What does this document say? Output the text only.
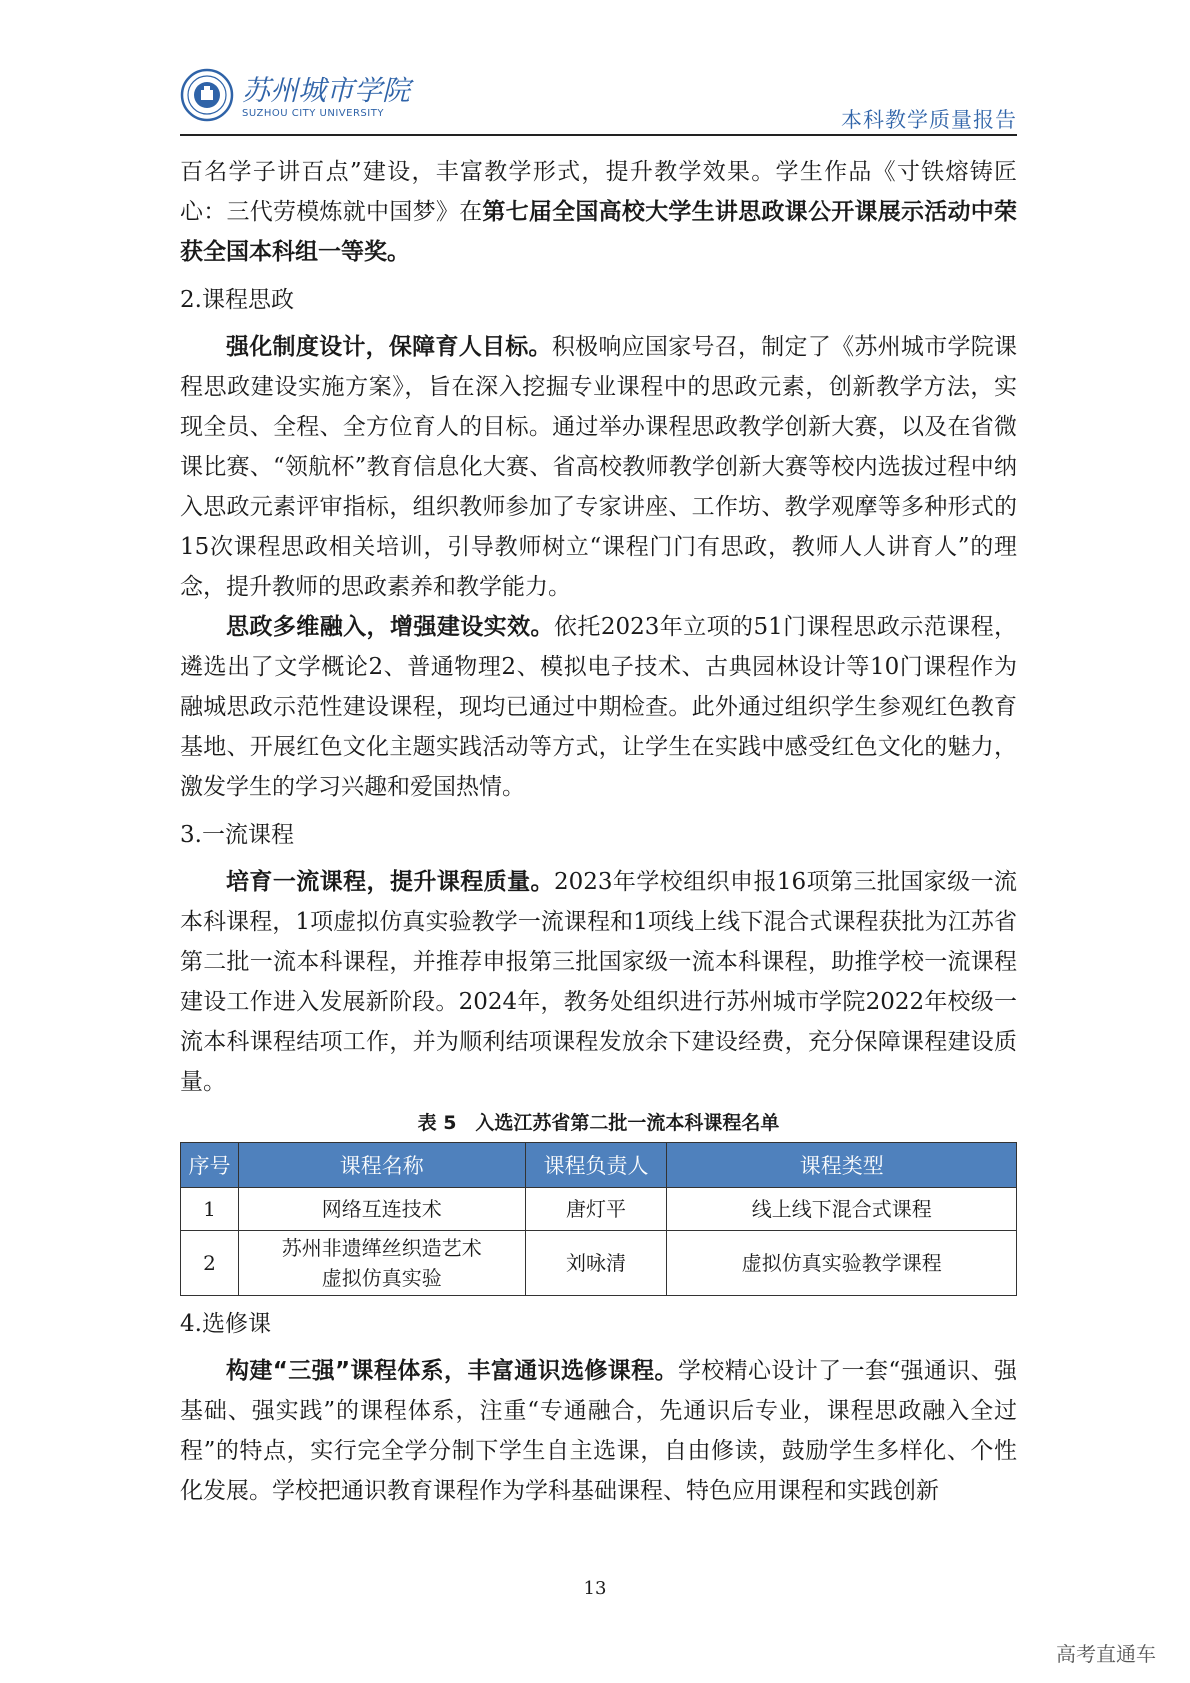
苏州城市学院
SUZHOU CITY UNIVERSITY	本科教学质量报告

百名学子讲百点”建设，丰富教学形式，提升教学效果。学生作品《寸铁熔铸匠心：三代劳模炼就中国梦》在第七届全国高校大学生讲思政课公开课展示活动中荣获全国本科组一等奖。

2.课程思政

强化制度设计，保障育人目标。积极响应国家号召，制定了《苏州城市学院课程思政建设实施方案》，旨在深入挖掘专业课程中的思政元素，创新教学方法，实现全员、全程、全方位育人的目标。通过举办课程思政教学创新大赛，以及在省微课比赛、“领航杯”教育信息化大赛、省高校教师教学创新大赛等校内选拔过程中纳入思政元素评审指标，组织教师参加了专家讲座、工作坊、教学观摩等多种形式的15次课程思政相关培训，引导教师树立“课程门门有思政，教师人人讲育人”的理念，提升教师的思政素养和教学能力。

思政多维融入，增强建设实效。依托2023年立项的51门课程思政示范课程，遴选出了文学概论2、普通物理2、模拟电子技术、古典园林设计等10门课程作为融城思政示范性建设课程，现均已通过中期检查。此外通过组织学生参观红色教育基地、开展红色文化主题实践活动等方式，让学生在实践中感受红色文化的魅力，激发学生的学习兴趣和爱国热情。

3.一流课程

培育一流课程，提升课程质量。2023年学校组织申报16项第三批国家级一流本科课程，1项虚拟仿真实验教学一流课程和1项线上线下混合式课程获批为江苏省第二批一流本科课程，并推荐申报第三批国家级一流本科课程，助推学校一流课程建设工作进入发展新阶段。2024年，教务处组织进行苏州城市学院2022年校级一流本科课程结项工作，并为顺利结项课程发放余下建设经费，充分保障课程建设质量。

表 5　入选江苏省第二批一流本科课程名单
序号	课程名称	课程负责人	课程类型
1	网络互连技术	唐灯平	线上线下混合式课程
2	苏州非遗缂丝织造艺术
虚拟仿真实验	刘咏清	虚拟仿真实验教学课程
4.选修课

构建“三强”课程体系，丰富通识选修课程。学校精心设计了一套“强通识、强基础、强实践”的课程体系，注重“专通融合，先通识后专业，课程思政融入全过程”的特点，实行完全学分制下学生自主选课，自由修读，鼓励学生多样化、个性化发展。学校把通识教育课程作为学科基础课程、特色应用课程和实践创新

13
高考直通车
